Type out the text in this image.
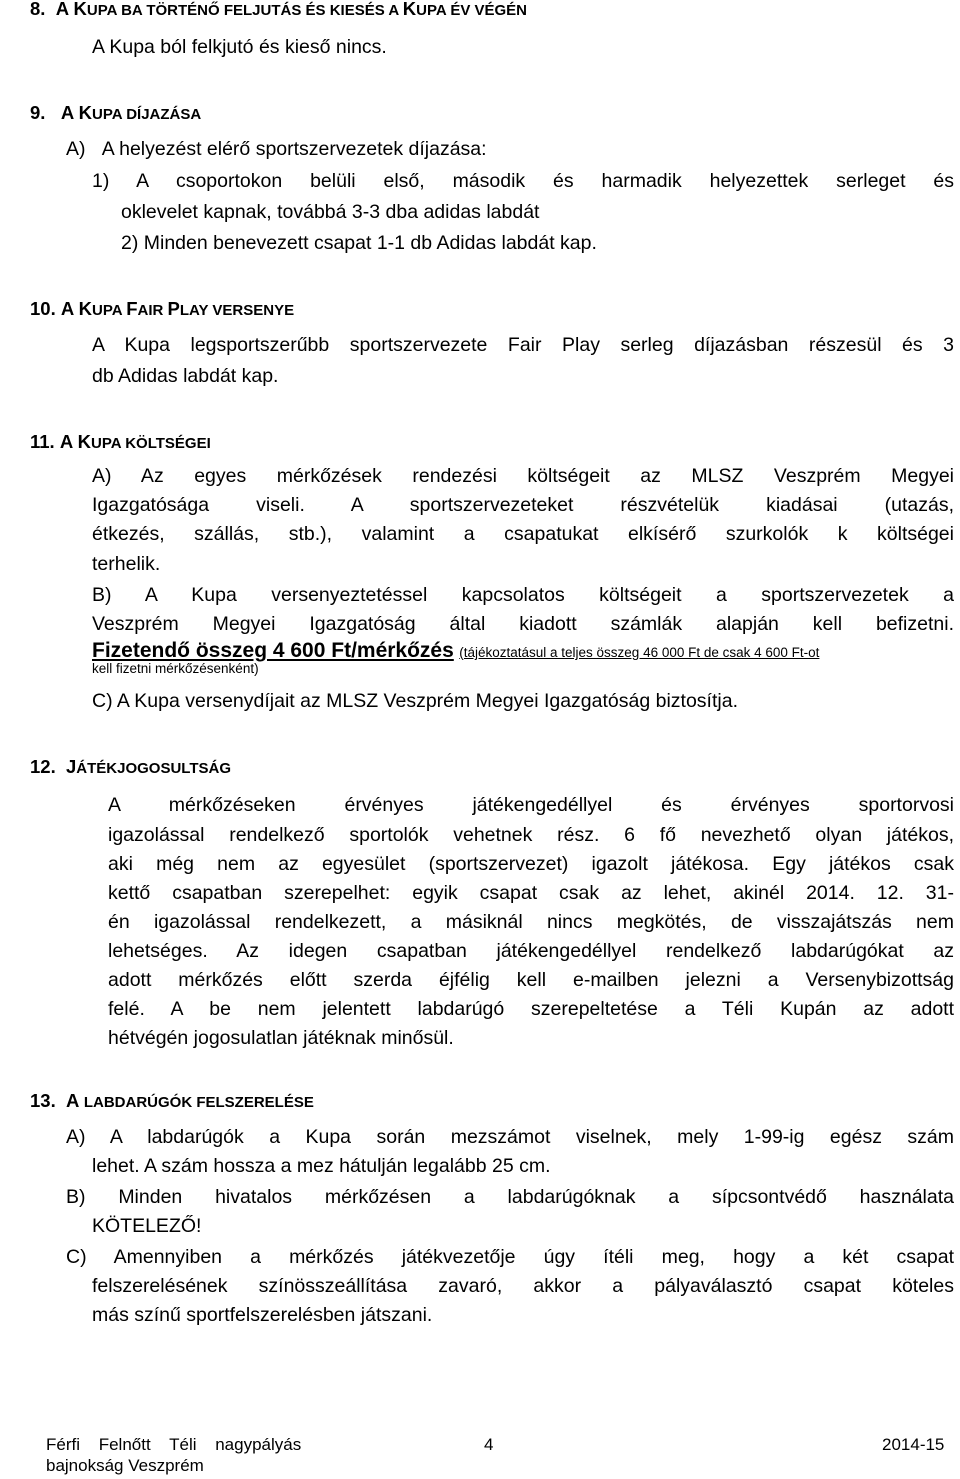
8. A KUPA BA TÖRTÉNŐ FELJUTÁS ÉS KIESÉS A KUPA ÉV VÉGÉN
A Kupa ból felkjutó és kieső nincs.
9. A KUPA DÍJAZÁSA
A) A helyezést elérő sportszervezetek díjazása:
1) A csoportokon belüli első, második és harmadik helyezettek serleget és
oklevelet kapnak, továbbá 3-3 dba adidas labdát
2) Minden benevezett csapat 1-1 db Adidas labdát kap.
10. A KUPA FAIR PLAY VERSENYE
A Kupa legsportszerűbb sportszervezete Fair Play serleg díjazásban részesül és 3
db Adidas labdát kap.
11. A KUPA KÖLTSÉGEI
A) Az egyes mérkőzések rendezési költségeit az MLSZ Veszprém Megyei
Igazgatósága viseli. A sportszervezeteket részvételük kiadásai (utazás,
étkezés, szállás, stb.), valamint a csapatukat elkísérő szurkolók k költségei
terhelik.
B) A Kupa versenyeztetéssel kapcsolatos költségeit a sportszervezetek a
Veszprém Megyei Igazgatóság által kiadott számlák alapján kell befizetni.
Fizetendő összeg 4 600 Ft/mérkőzés (tájékoztatásul a teljes összeg 46 000 Ft de csak 4 600 Ft-ot
kell fizetni mérkőzésenként)
C) A Kupa versenydíjait az MLSZ Veszprém Megyei Igazgatóság biztosítja.
12. JÁTÉKJOGOSULTSÁG
A mérkőzéseken érvényes játékengedéllyel és érvényes sportorvosi
igazolással rendelkező sportolók vehetnek rész. 6 fő nevezhető olyan játékos,
aki még nem az egyesület (sportszervezet) igazolt játékosa. Egy játékos csak
kettő csapatban szerepelhet: egyik csapat csak az lehet, akinél 2014. 12. 31-
én igazolással rendelkezett, a másiknál nincs megkötés, de visszajátszás nem
lehetséges. Az idegen csapatban játékengedéllyel rendelkező labdarúgókat az
adott mérkőzés előtt szerda éjfélig kell e-mailben jelezni a Versenybizottság
felé. A be nem jelentett labdarúgó szerepeltetése a Téli Kupán az adott
hétvégén jogosulatlan játéknak minősül.
13. A LABDARÚGÓK FELSZERELÉSE
A) A labdarúgók a Kupa során mezszámot viselnek, mely 1-99-ig egész szám
lehet. A szám hossza a mez hátulján legalább 25 cm.
B) Minden hivatalos mérkőzésen a labdarúgóknak a sípcsontvédő használata
KÖTELEZŐ!
C) Amennyiben a mérkőzés játékvezetője úgy ítéli meg, hogy a két csapat
felszerelésének színösszeállítása zavaró, akkor a pályaválasztó csapat köteles
más színű sportfelszerelésben játszani.
Férfi Felnőtt Téli nagypályás
bajnokság Veszprém
4	2014-15
